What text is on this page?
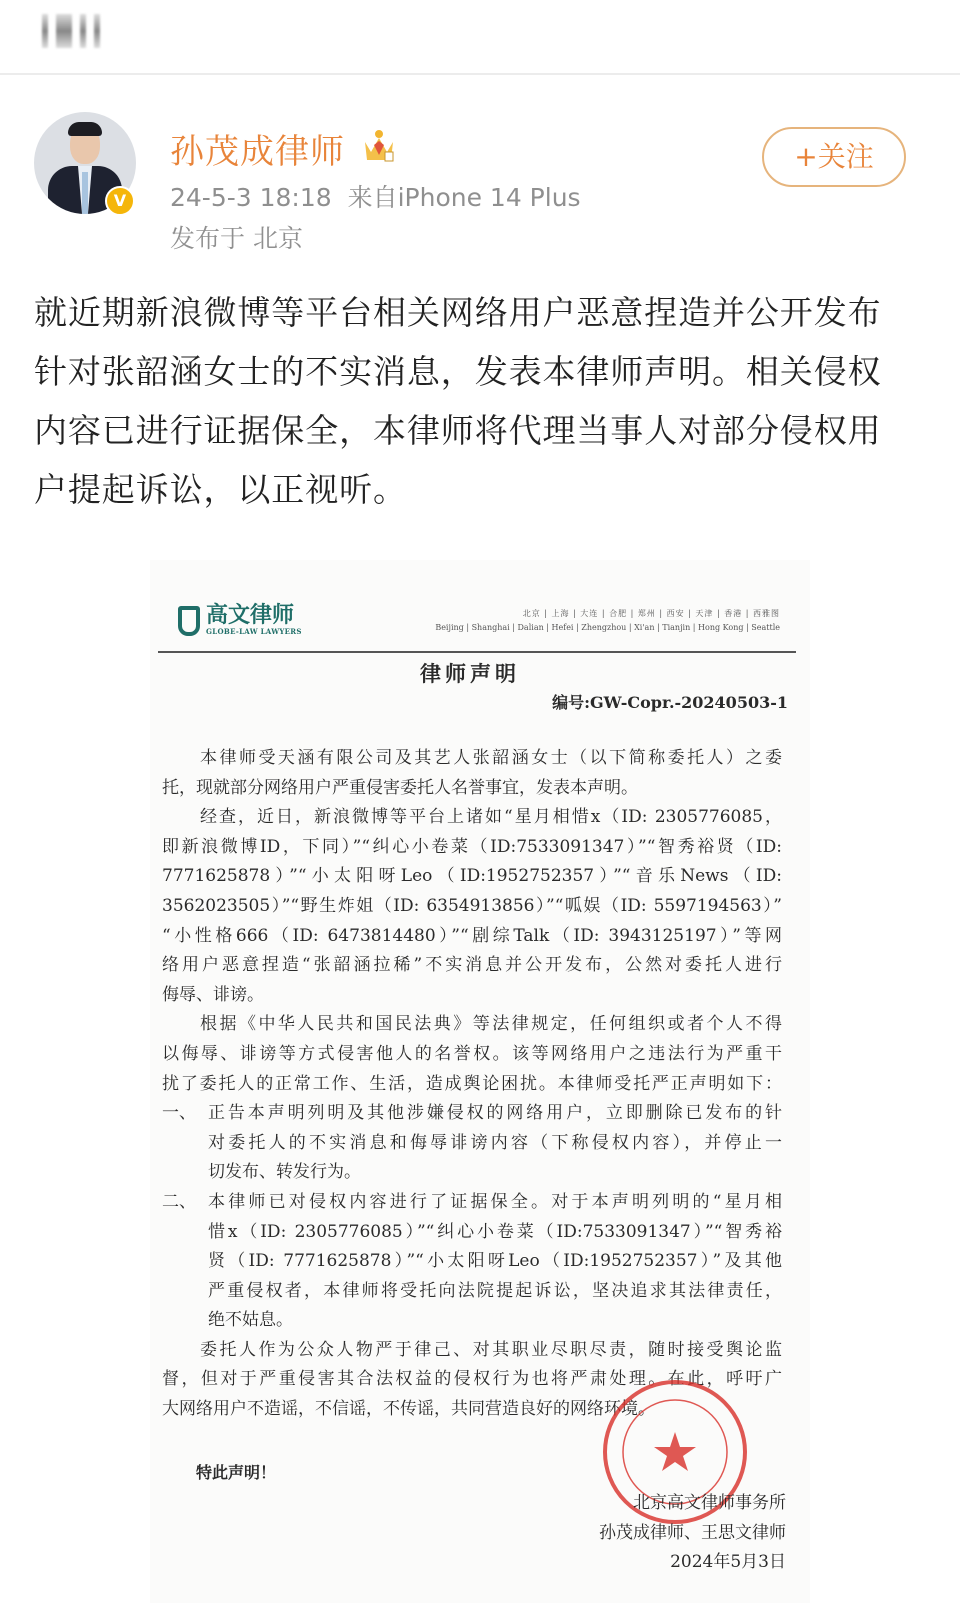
V
孙茂成律师
24-5-3 18:18 来自iPhone 14 Plus
发布于 北京
+关注
就近期新浪微博等平台相关网络用户恶意捏造并公开发布针对张韶涵女士的不实消息，发表本律师声明。相关侵权内容已进行证据保全，本律师将代理当事人对部分侵权用户提起诉讼，以正视听。
高文律师
GLOBE-LAW LAWYERS
北京 | 上海 | 大连 | 合肥 | 郑州 | 西安 | 天津 | 香港 | 西雅图
Beijing | Shanghai | Dalian | Hefei | Zhengzhou | Xi'an | Tianjin | Hong Kong | Seattle
律师声明
编号:GW-Copr.-20240503-1
本律师受天涵有限公司及其艺人张韶涵女士（以下简称委托人）之委
托，现就部分网络用户严重侵害委托人名誉事宜，发表本声明。
经查，近日，新浪微博等平台上诸如“星月相惜x（ID: 2305776085，
即新浪微博ID，下同）”“纠心小卷菜（ID:7533091347）”“智秀裕贤（ID:
7771625878）”“小太阳呀Leo（ID:1952752357）”“音乐News（ID:
3562023505）”“野生炸姐（ID: 6354913856）”“呱娱（ID: 5597194563）”
“小性格666（ID: 6473814480）”“剧综Talk（ID: 3943125197）”等网
络用户恶意捏造“张韶涵拉稀”不实消息并公开发布，公然对委托人进行
侮辱、诽谤。
根据《中华人民共和国民法典》等法律规定，任何组织或者个人不得
以侮辱、诽谤等方式侵害他人的名誉权。该等网络用户之违法行为严重干
扰了委托人的正常工作、生活，造成舆论困扰。本律师受托严正声明如下：
一、 正告本声明列明及其他涉嫌侵权的网络用户，立即删除已发布的针
对委托人的不实消息和侮辱诽谤内容（下称侵权内容），并停止一
切发布、转发行为。
二、 本律师已对侵权内容进行了证据保全。对于本声明列明的“星月相
惜x（ID: 2305776085）”“纠心小卷菜（ID:7533091347）”“智秀裕
贤（ID: 7771625878）”“小太阳呀Leo（ID:1952752357）”及其他
严重侵权者，本律师将受托向法院提起诉讼，坚决追求其法律责任，
绝不姑息。
委托人作为公众人物严于律己、对其职业尽职尽责，随时接受舆论监
督，但对于严重侵害其合法权益的侵权行为也将严肃处理。在此，呼吁广
大网络用户不造谣，不信谣，不传谣，共同营造良好的网络环境。
特此声明！
北京高文律师事务所
孙茂成律师、王思文律师
2024年5月3日
